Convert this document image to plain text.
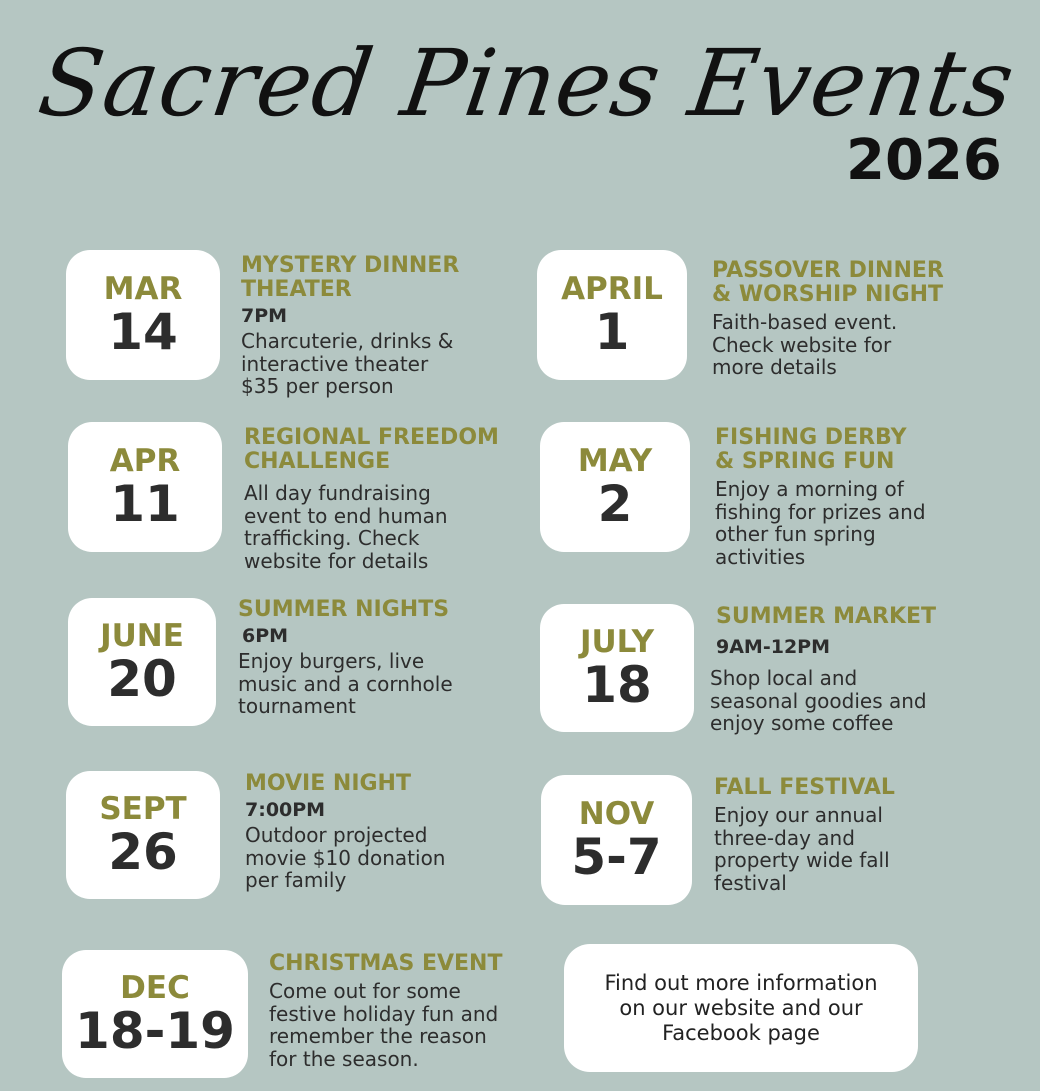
Sacred Pines Events
2026
MAR
14
MYSTERY DINNER
THEATER
7PM
Charcuterie, drinks &
interactive theater
$35 per person
APRIL
1
PASSOVER DINNER
& WORSHIP NIGHT
Faith-based event.
Check website for
more details
APR
11
REGIONAL FREEDOM
CHALLENGE
All day fundraising
event to end human
trafficking. Check
website for details
MAY
2
FISHING DERBY
& SPRING FUN
Enjoy a morning of
fishing for prizes and
other fun spring
activities
JUNE
20
SUMMER NIGHTS
6PM
Enjoy burgers, live
music and a cornhole
tournament
JULY
18
SUMMER MARKET
9AM-12PM
Shop local and
seasonal goodies and
enjoy some coffee
SEPT
26
MOVIE NIGHT
7:00PM
Outdoor projected
movie $10 donation
per family
NOV
5-7
FALL FESTIVAL
Enjoy our annual
three-day and
property wide fall
festival
DEC
18-19
CHRISTMAS EVENT
Come out for some
festive holiday fun and
remember the reason
for the season.
Find out more information on our website and our Facebook page
